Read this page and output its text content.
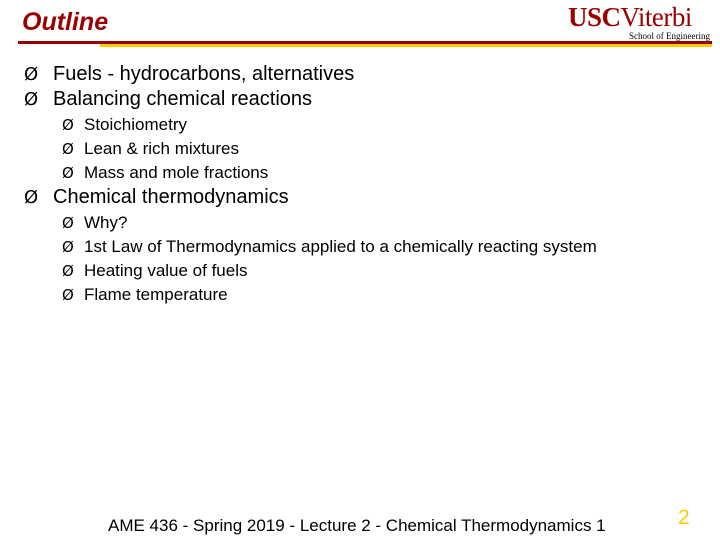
Outline	USCViterbi
School of Engineering
Ø Fuels - hydrocarbons, alternatives
Ø Balancing chemical reactions
Ø Stoichiometry
Ø Lean & rich mixtures
Ø Mass and mole fractions
Ø Chemical thermodynamics
Ø Why?
Ø 1st Law of Thermodynamics applied to a chemically reacting system
Ø Heating value of fuels
Ø Flame temperature
AME 436 - Spring 2019 - Lecture 2 - Chemical Thermodynamics 1	2
